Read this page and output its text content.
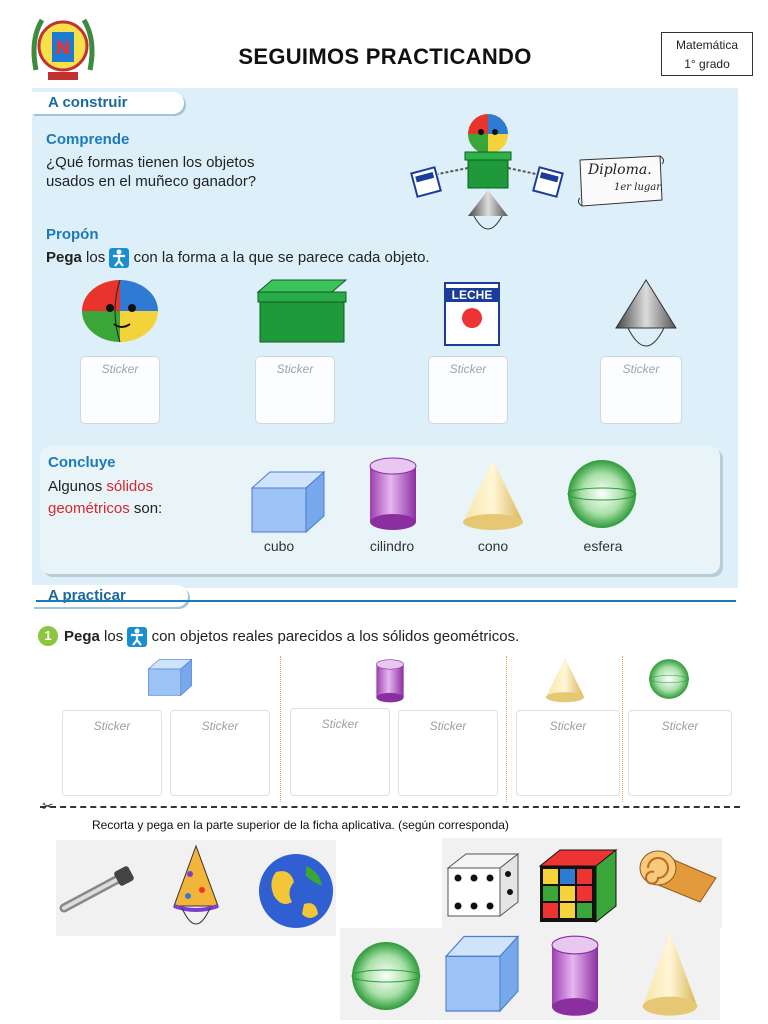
N	SEGUIMOS PRACTICANDO	Matemática
1° grado
A construir
Comprende
¿Qué formas tienen los objetos
usados en el muñeco ganador?
Diploma.
1er lugar.
Propón
Pega los con la forma a la que se parece cada objeto.
LECHE
Sticker	Sticker	Sticker	Sticker
Concluye
Algunos sólidos
geométricos son:
cubo	cilindro	cono	esfera
A practicar
1 Pega los con objetos reales parecidos a los sólidos geométricos.
Sticker	Sticker	Sticker	Sticker	Sticker	Sticker
✂
Recorta y pega en la parte superior de la ficha aplicativa. (según corresponda)
